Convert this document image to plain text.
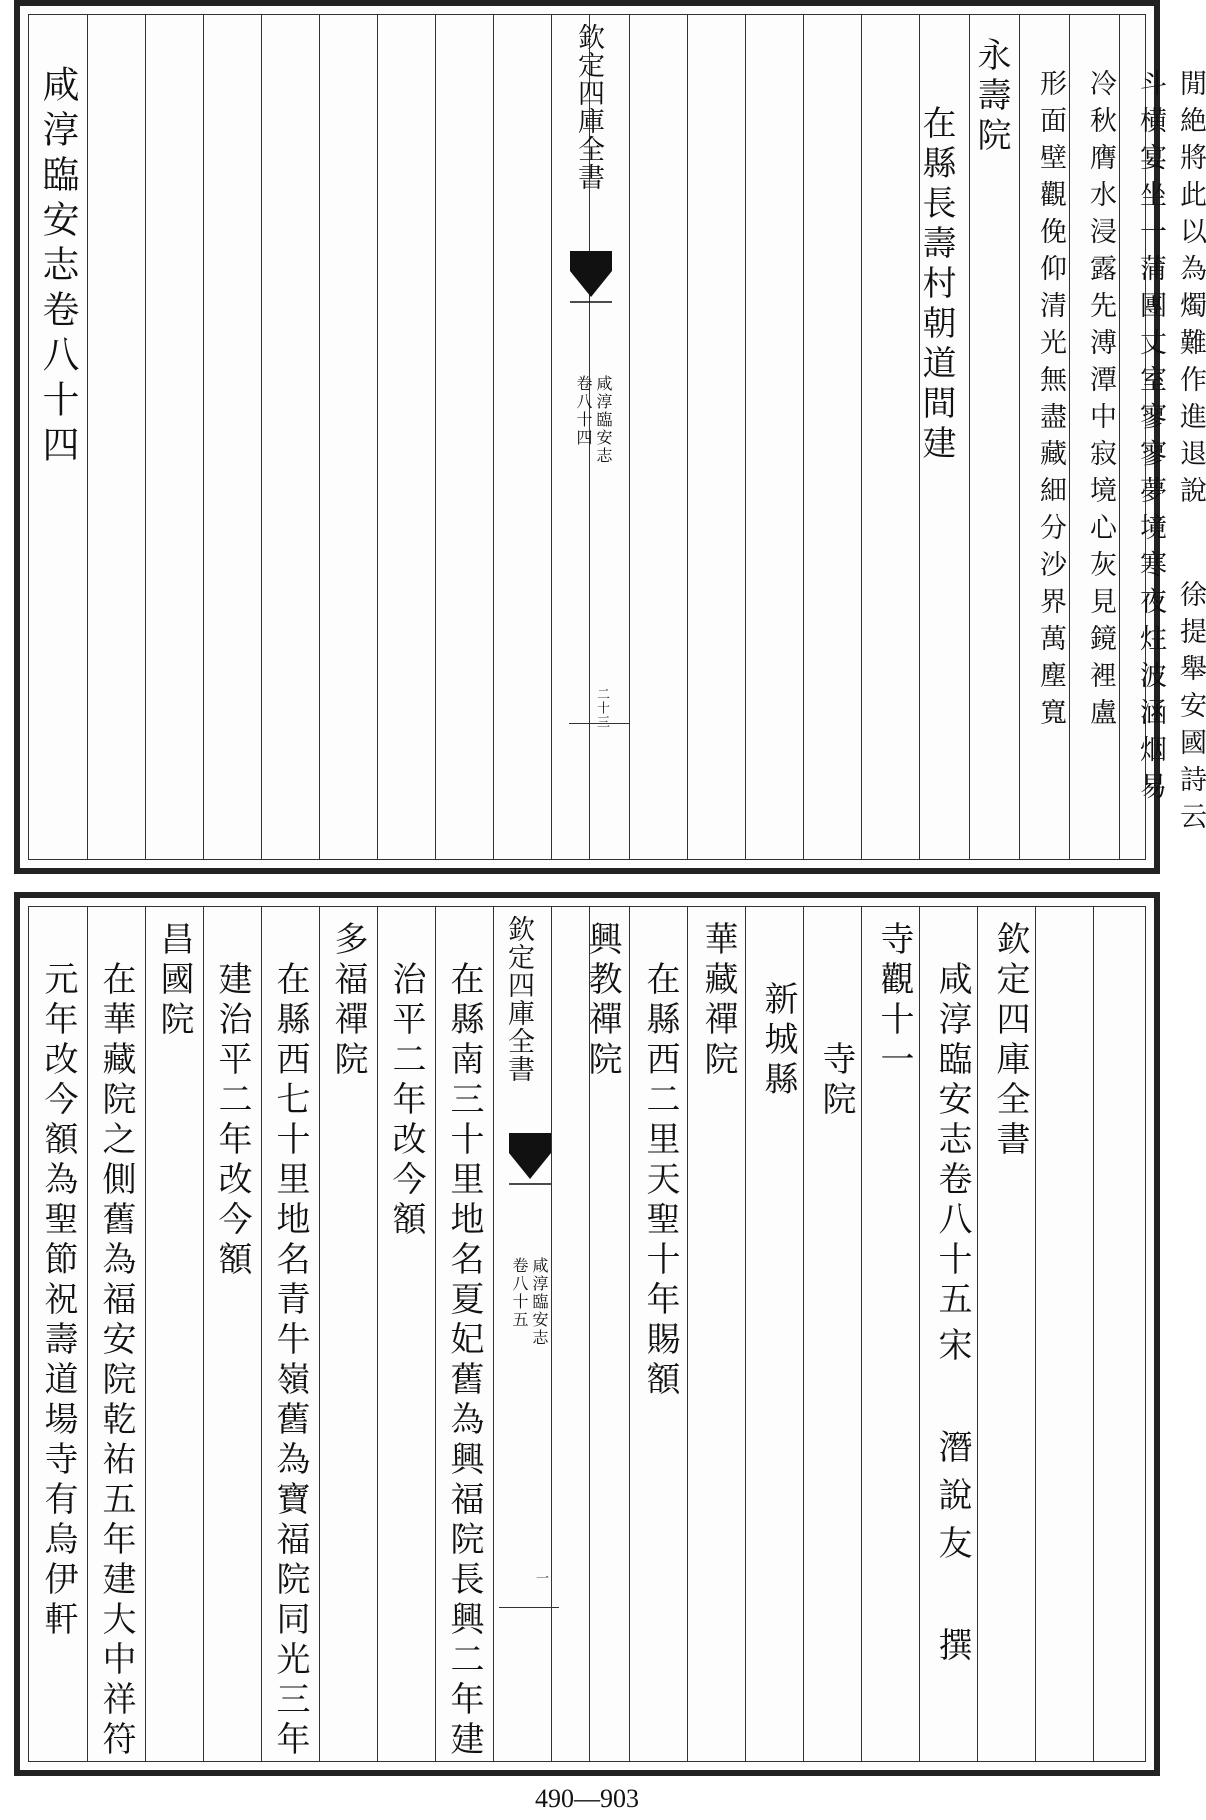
咸淳臨安志卷八十四	欽定四庫全書
咸淳臨安志
卷八十四
二十三
在縣長壽村朝道間建
永壽院 形面壁觀俛仰清光無盡藏細分沙界萬塵寬 冷秋膺水浸露先溥潭中寂境心灰見鏡裡盧 斗横宴坐一蒲團丈室寥寥夢境寒夜炷波涵烟易 閒絶將此以為燭難作進退說
徐提舉安國詩云
元年改今額為聖節祝壽道場寺有烏伊軒 在華藏院之側舊為福安院乾祐五年建大中祥符 昌國院 建治平二年改今額 在縣西七十里地名青牛嶺舊為寶福院同光三年 多福禪院 治平二年改今額 在縣南三十里地名夏妃舊為興福院長興二年建 欽定四庫全書
咸淳臨安志
卷八十五
一
興教禪院 在縣西二里天聖十年賜額 華藏禪院 新城縣 寺院 寺觀十一 咸淳臨安志卷八十五
宋 潛說友 撰
欽定四庫全書
490—903
